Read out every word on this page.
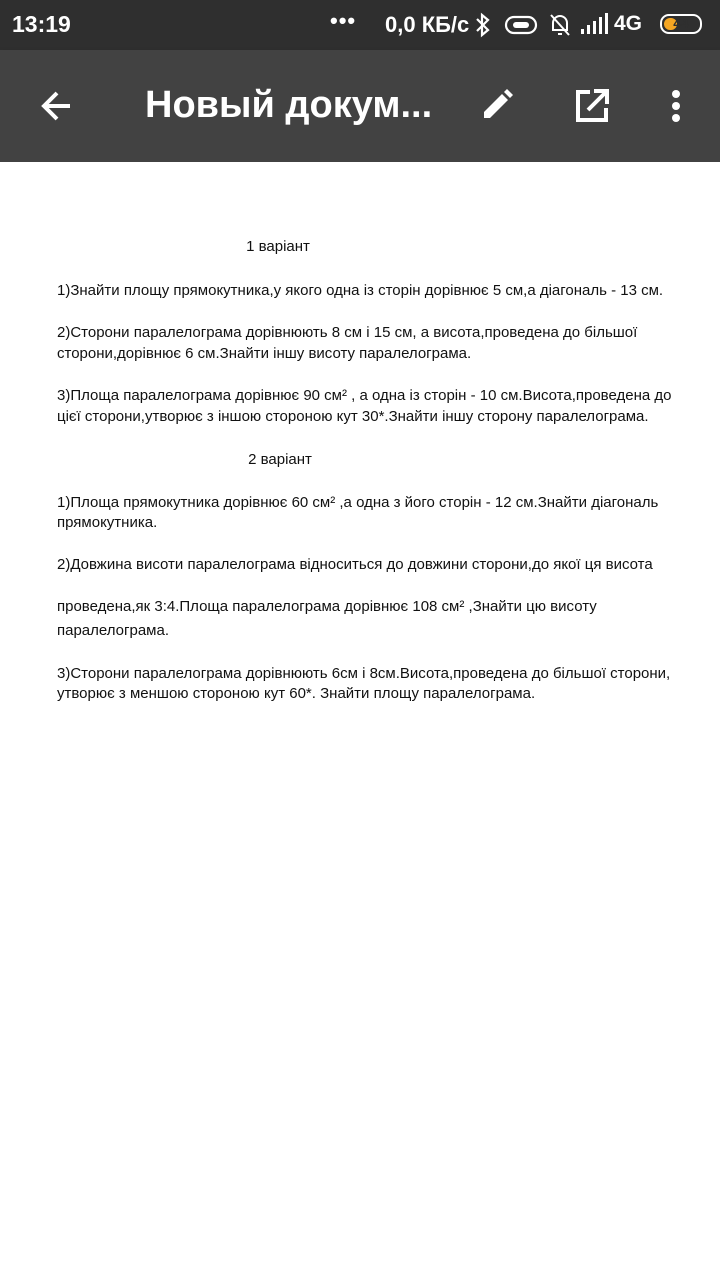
13:19	••• 0,0 КБ/с	4G	44
Новый докум...
1 варіант
1)Знайти площу прямокутника,у якого одна із сторін дорівнює 5 см,а діагональ - 13 см.
2)Сторони паралелограма дорівнюють 8 см і 15 см, а висота,проведена до більшої
сторони,дорівнює 6 см.Знайти іншу висоту паралелограма.
3)Площа паралелограма дорівнює 90 см² , а одна із сторін - 10 см.Висота,проведена до
цієї сторони,утворює з іншою стороною кут 30*.Знайти іншу сторону паралелограма.
2 варіант
1)Площа прямокутника дорівнює 60 см² ,а одна з його сторін - 12 см.Знайти діагональ
прямокутника.
2)Довжина висоти паралелограма відноситься до довжини сторони,до якої ця висота
проведена,як 3:4.Площа паралелограма дорівнює 108 см² ,Знайти цю висоту
паралелограма.
3)Сторони паралелограма дорівнюють 6см і 8см.Висота,проведена до більшої сторони,
утворює з меншою стороною кут 60*. Знайти площу паралелограма.
